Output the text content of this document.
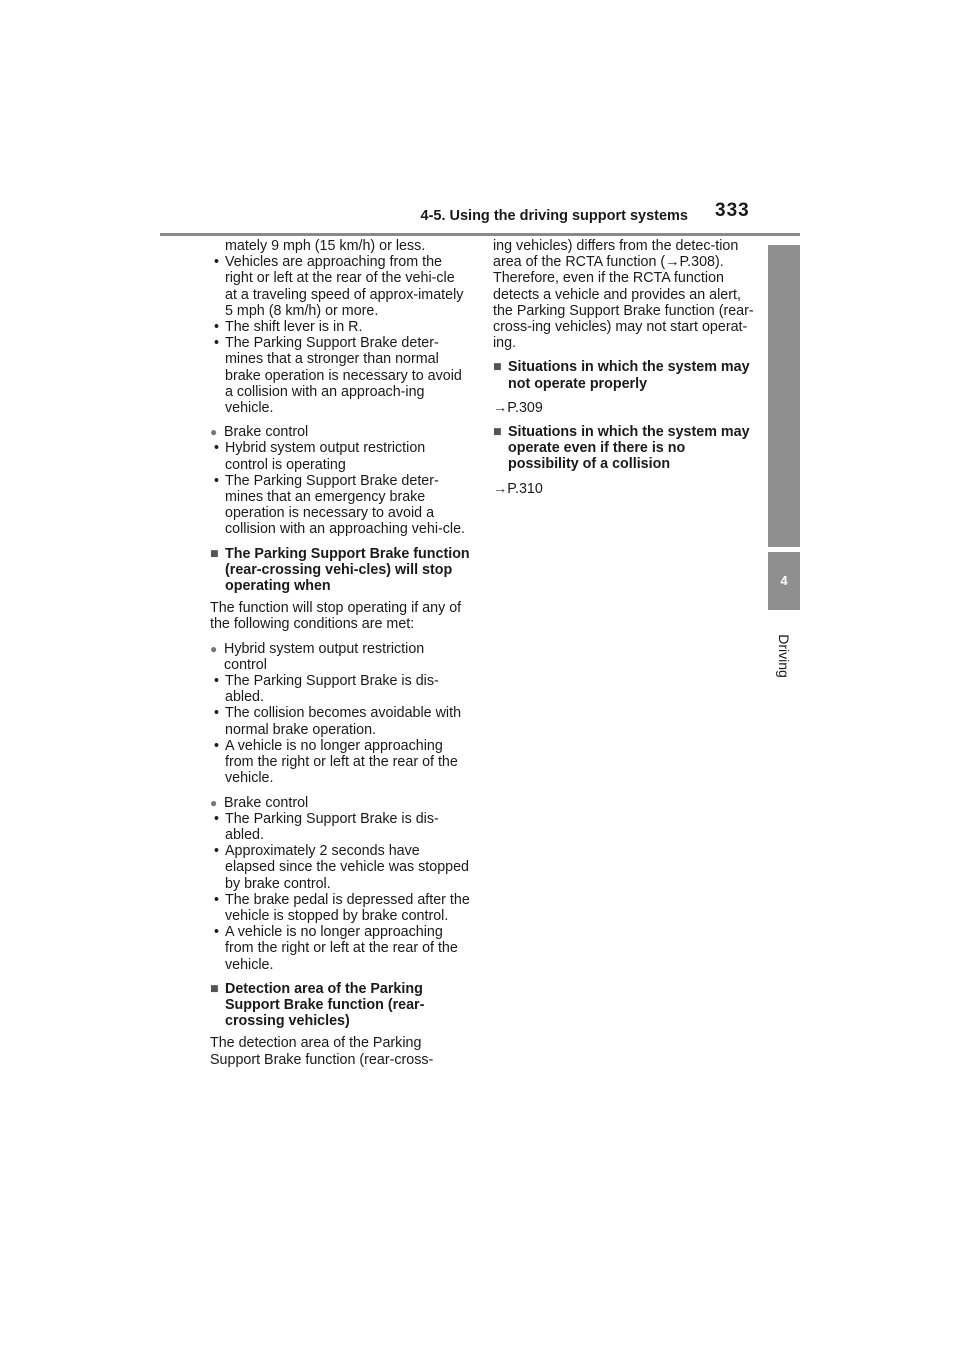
4-5. Using the driving support systems 333
4
Driving

mately 9 mph (15 km/h) or less.

• Vehicles are approaching from the right or left at the rear of the vehi-cle at a traveling speed of approx-imately 5 mph (8 km/h) or more.

• The shift lever is in R.

• The Parking Support Brake deter-mines that a stronger than normal brake operation is necessary to avoid a collision with an approach-ing vehicle.

● Brake control

• Hybrid system output restriction control is operating

• The Parking Support Brake deter-mines that an emergency brake operation is necessary to avoid a collision with an approaching vehi-cle.

■ The Parking Support Brake function (rear-crossing vehi-cles) will stop operating when

The function will stop operating if any of the following conditions are met:

● Hybrid system output restriction control

• The Parking Support Brake is dis-abled.

• The collision becomes avoidable with normal brake operation.

• A vehicle is no longer approaching from the right or left at the rear of the vehicle.

● Brake control

• The Parking Support Brake is dis-abled.

• Approximately 2 seconds have elapsed since the vehicle was stopped by brake control.

• The brake pedal is depressed after the vehicle is stopped by brake control.

• A vehicle is no longer approaching from the right or left at the rear of the vehicle.

■ Detection area of the Parking Support Brake function (rear-crossing vehicles)

The detection area of the Parking Support Brake function (rear-cross-

ing vehicles) differs from the detec-tion area of the RCTA function (→P.308). Therefore, even if the RCTA function detects a vehicle and provides an alert, the Parking Support Brake function (rear-cross-ing vehicles) may not start operat-ing.

■ Situations in which the system may not operate properly

→ P.309

■ Situations in which the system may operate even if there is no possibility of a collision

→ P.310
